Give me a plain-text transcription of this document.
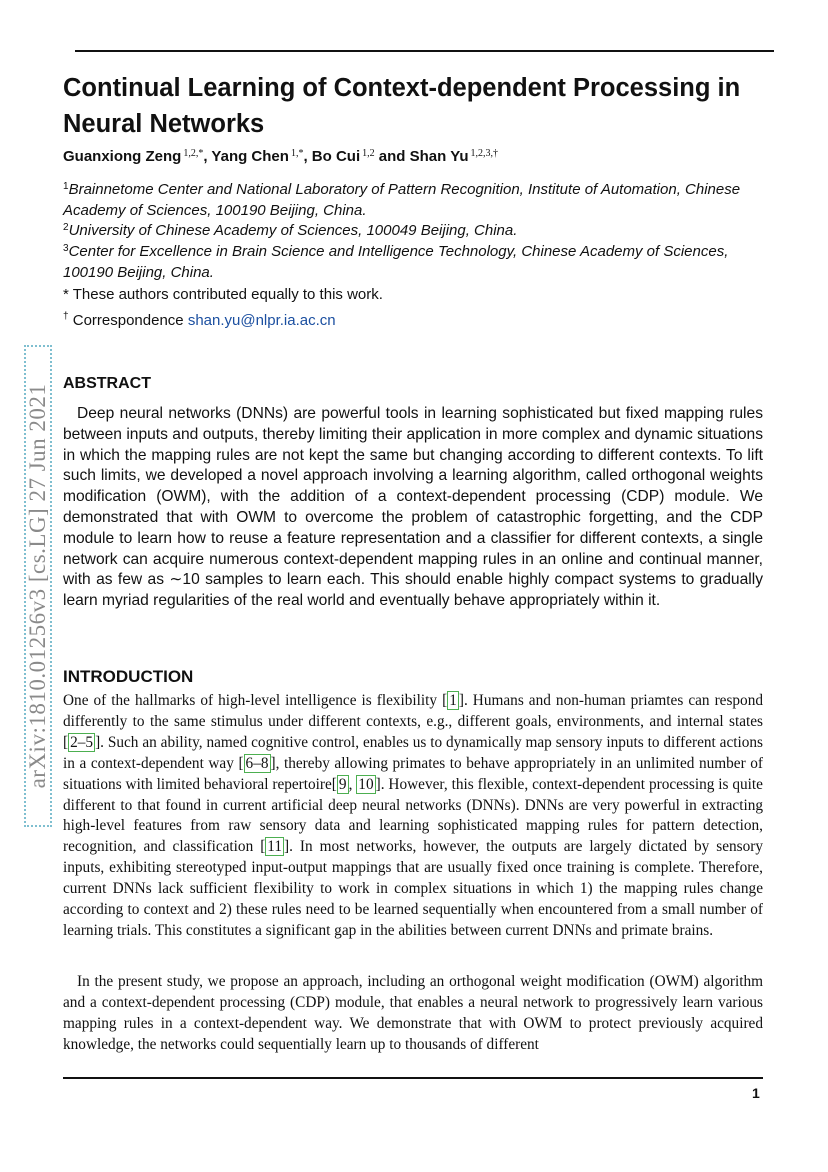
Continual Learning of Context-dependent Processing in Neural Networks
Guanxiong Zeng $^{1,2,*}$, Yang Chen $^{1,*}$, Bo Cui $^{1,2}$ and Shan Yu $^{1,2,3,\dagger}$
$^1$Brainnetome Center and National Laboratory of Pattern Recognition, Institute of Automation, Chinese Academy of Sciences, 100190 Beijing, China.
$^2$University of Chinese Academy of Sciences, 100049 Beijing, China.
$^3$Center for Excellence in Brain Science and Intelligence Technology, Chinese Academy of Sciences, 100190 Beijing, China.
* These authors contributed equally to this work.
† Correspondence shan.yu@nlpr.ia.ac.cn
ABSTRACT
Deep neural networks (DNNs) are powerful tools in learning sophisticated but fixed mapping rules between inputs and outputs, thereby limiting their application in more complex and dynamic situations in which the mapping rules are not kept the same but changing according to different contexts. To lift such limits, we developed a novel approach involving a learning algorithm, called orthogonal weights modification (OWM), with the addition of a context-dependent processing (CDP) module. We demonstrated that with OWM to overcome the problem of catastrophic forgetting, and the CDP module to learn how to reuse a feature representation and a classifier for different contexts, a single network can acquire numerous context-dependent mapping rules in an online and continual manner, with as few as ∼10 samples to learn each. This should enable highly compact systems to gradually learn myriad regularities of the real world and eventually behave appropriately within it.
INTRODUCTION
One of the hallmarks of high-level intelligence is flexibility [ 1 ]. Humans and non-human priamtes can respond differently to the same stimulus under different contexts, e.g., different goals, environments, and internal states [ 2–5 ]. Such an ability, named cognitive control, enables us to dynamically map sensory inputs to different actions in a context-dependent way [ 6–8 ], thereby allowing primates to behave appropriately in an unlimited number of situations with limited behavioral repertoire[ 9 , 10 ]. However, this flexible, context-dependent processing is quite different to that found in current artificial deep neural networks (DNNs). DNNs are very powerful in extracting high-level features from raw sensory data and learning sophisticated mapping rules for pattern detection, recognition, and classification [ 11 ]. In most networks, however, the outputs are largely dictated by sensory inputs, exhibiting stereotyped input-output mappings that are usually fixed once training is complete. Therefore, current DNNs lack sufficient flexibility to work in complex situations in which 1) the mapping rules change according to context and 2) these rules need to be learned sequentially when encountered from a small number of learning trials. This constitutes a significant gap in the abilities between current DNNs and primate brains.
In the present study, we propose an approach, including an orthogonal weight modification (OWM) algorithm and a context-dependent processing (CDP) module, that enables a neural network to progressively learn various mapping rules in a context-dependent way. We demonstrate that with OWM to protect previously acquired knowledge, the networks could sequentially learn up to thousands of different
arXiv:1810.01256v3 [cs.LG] 27 Jun 2021
1
